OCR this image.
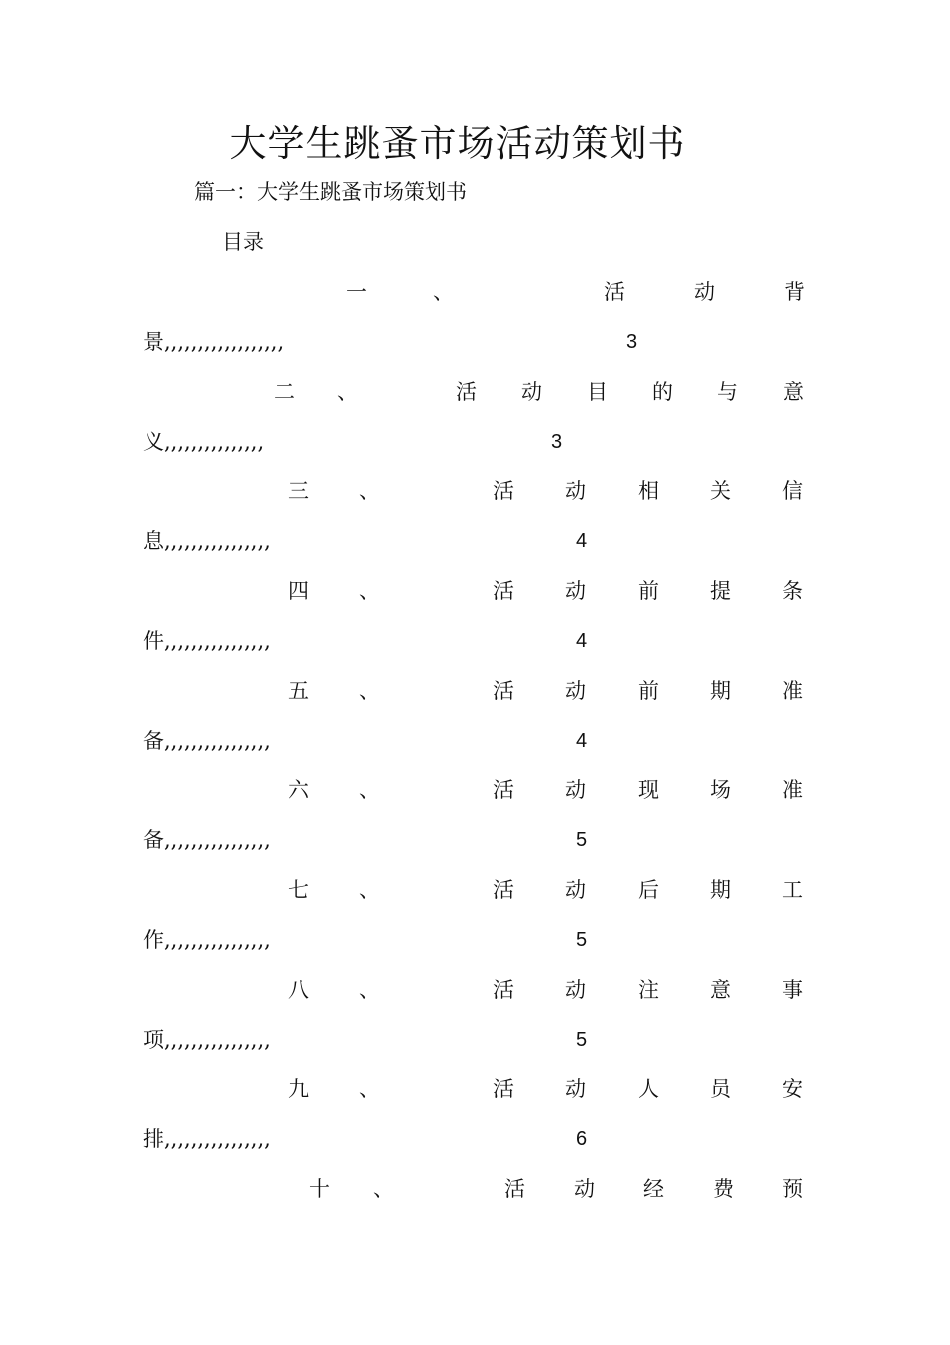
大学生跳蚤市场活动策划书
篇一：大学生跳蚤市场策划书
目录
一	、	活	动	背
景,,,,,,,,,,,,,,,,,,	3
二 、	活 动 目 的 与 意
义,,,,,,,,,,,,,,,	3
三 、	活 动 相 关 信
息,,,,,,,,,,,,,,,,	4
四 、	活 动 前 提 条
件,,,,,,,,,,,,,,,,	4
五 、	活 动 前 期 准
备,,,,,,,,,,,,,,,,	4
六 、	活 动 现 场 准
备,,,,,,,,,,,,,,,,	5
七 、	活 动 后 期 工
作,,,,,,,,,,,,,,,,	5
八 、	活 动 注 意 事
项,,,,,,,,,,,,,,,,	5
九 、	活 动 人 员 安
排,,,,,,,,,,,,,,,,	6
十 、	活 动 经 费 预
